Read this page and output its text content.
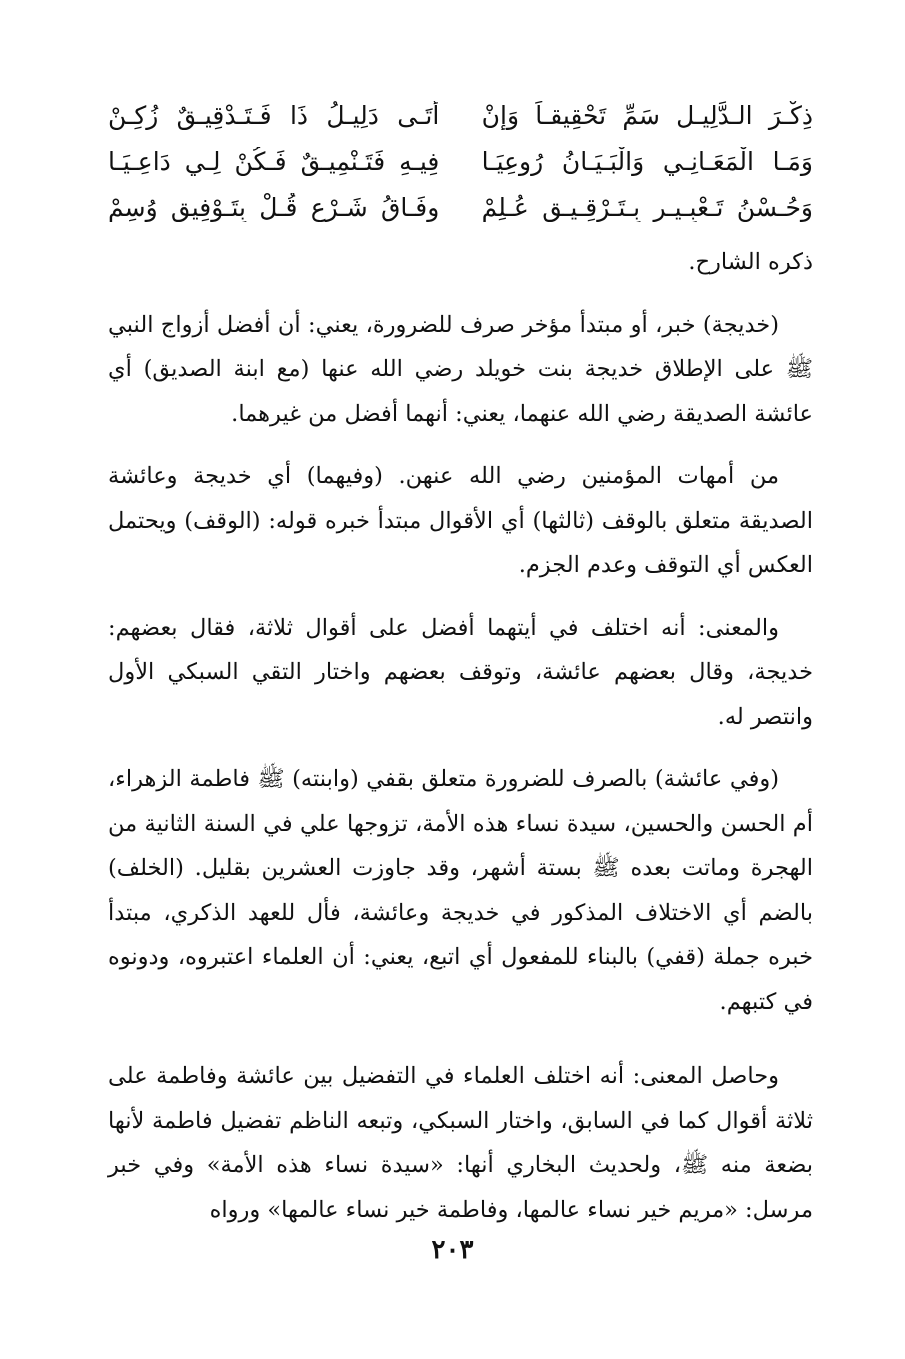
ذِكْـرَ الـدَّلِيـلِ سَمِّ تَحْقِيقـاً وَإِنْ
أَتَـى دَلِيـلُ ذَا فَـتَـدْقِيـقٌ زُكِـنْ
وَمَـا الْمَعَـانِـي وَالْبَـيَـانُ رُوعِيَـا
فِيـهِ فَتَـنْمِيـقٌ فَـكُنْ لِـي دَاعِـيَـا
وَحُـسْنُ تَـعْبِـيـرٍ بِـتَـرْقِـيـقٍ عُـلِمْ
وِفَـاقُ شَـرْعٍ قُـلْ بِتَـوْفِيقٍ وُسِمْ

ذكره الشارح.

(خديجة) خبر، أو مبتدأ مؤخر صرف للضرورة، يعني: أن أفضل أزواج النبي ﷺ على الإطلاق خديجة بنت خويلد رضي الله عنها (مع ابنة الصديق) أي عائشة الصديقة رضي الله عنهما، يعني: أنهما أفضل من غيرهما.

من أمهات المؤمنين رضي الله عنهن. (وفيهما) أي خديجة وعائشة الصديقة متعلق بالوقف (ثالثها) أي الأقوال مبتدأ خبره قوله: (الوقف) ويحتمل العكس أي التوقف وعدم الجزم.

والمعنى: أنه اختلف في أيتهما أفضل على أقوال ثلاثة، فقال بعضهم: خديجة، وقال بعضهم عائشة، وتوقف بعضهم واختار التقي السبكي الأول وانتصر له.

(وفي عائشة) بالصرف للضرورة متعلق بقفي (وابنته) ﷺ فاطمة الزهراء، أم الحسن والحسين، سيدة نساء هذه الأمة، تزوجها علي في السنة الثانية من الهجرة وماتت بعده ﷺ بستة أشهر، وقد جاوزت العشرين بقليل. (الخلف) بالضم أي الاختلاف المذكور في خديجة وعائشة، فأل للعهد الذكري، مبتدأ خبره جملة (قفي) بالبناء للمفعول أي اتبع، يعني: أن العلماء اعتبروه، ودونوه في كتبهم.

وحاصل المعنى: أنه اختلف العلماء في التفضيل بين عائشة وفاطمة على ثلاثة أقوال كما في السابق، واختار السبكي، وتبعه الناظم تفضيل فاطمة لأنها بضعة منه ﷺ، ولحديث البخاري أنها: «سيدة نساء هذه الأمة» وفي خبر مرسل: «مريم خير نساء عالمها، وفاطمة خير نساء عالمها» ورواه

٢٠٣
